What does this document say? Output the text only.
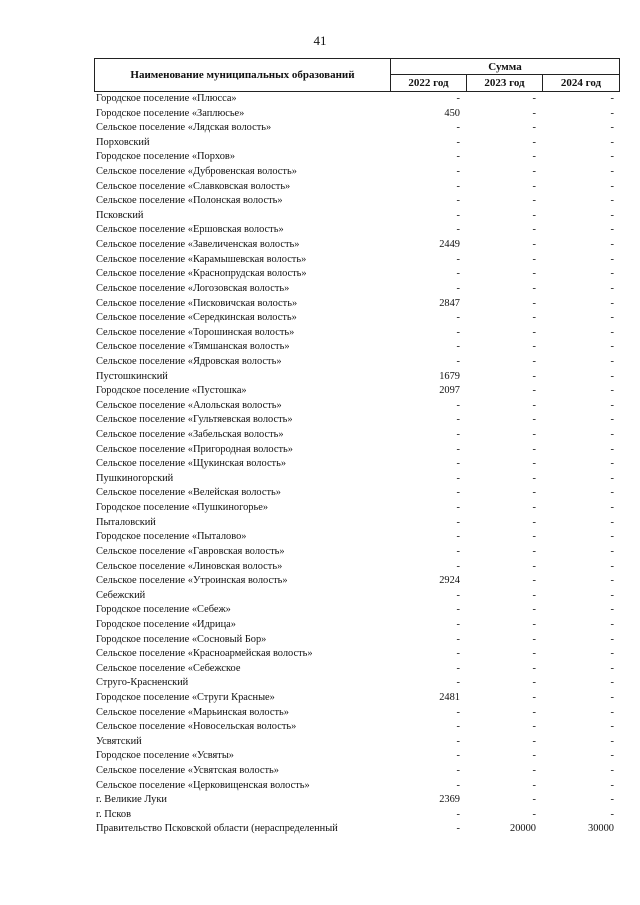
41
Наименование муниципальных образований
Сумма
2022 год	2023 год	2024 год
Городское поселение «Плюсса»	-	-	-
Городское поселение «Заплюсье»	450	-	-
Сельское поселение «Лядская волость»	-	-	-
Порховский	-	-	-
Городское поселение «Порхов»	-	-	-
Сельское поселение «Дубровенская волость»	-	-	-
Сельское поселение «Славковская волость»	-	-	-
Сельское поселение «Полонская волость»	-	-	-
Псковский	-	-	-
Сельское поселение «Ершовская волость»	-	-	-
Сельское поселение «Завеличенская волость»	2449	-	-
Сельское поселение «Карамышевская волость»	-	-	-
Сельское поселение «Краснопрудская волость»	-	-	-
Сельское поселение «Логозовская волость»	-	-	-
Сельское поселение «Писковичская волость»	2847	-	-
Сельское поселение «Середкинская волость»	-	-	-
Сельское поселение «Торошинская волость»	-	-	-
Сельское поселение «Тямшанская волость»	-	-	-
Сельское поселение «Ядровская волость»	-	-	-
Пустошкинский	1679	-	-
Городское поселение «Пустошка»	2097	-	-
Сельское поселение «Алольская волость»	-	-	-
Сельское поселение «Гультяевская волость»	-	-	-
Сельское поселение «Забельская волость»	-	-	-
Сельское поселение «Пригородная волость»	-	-	-
Сельское поселение «Щукинская волость»	-	-	-
Пушкиногорский	-	-	-
Сельское поселение «Велейская волость»	-	-	-
Городское поселение «Пушкиногорье»	-	-	-
Пыталовский	-	-	-
Городское поселение «Пыталово»	-	-	-
Сельское поселение «Гавровская волость»	-	-	-
Сельское поселение «Линовская волость»	-	-	-
Сельское поселение «Утроинская волость»	2924	-	-
Себежский	-	-	-
Городское поселение «Себеж»	-	-	-
Городское поселение «Идрица»	-	-	-
Городское поселение «Сосновый Бор»	-	-	-
Сельское поселение «Красноармейская волость»	-	-	-
Сельское поселение «Себежское	-	-	-
Струго-Красненский	-	-	-
Городское поселение «Струги Красные»	2481	-	-
Сельское поселение «Марьинская волость»	-	-	-
Сельское поселение «Новосельская волость»	-	-	-
Усвятский	-	-	-
Городское поселение «Усвяты»	-	-	-
Сельское поселение «Усвятская волость»	-	-	-
Сельское поселение «Церковищенская волость»	-	-	-
г. Великие Луки	2369	-	-
г. Псков	-	-	-
Правительство Псковской области (нераспределенный	-	20000	30000
